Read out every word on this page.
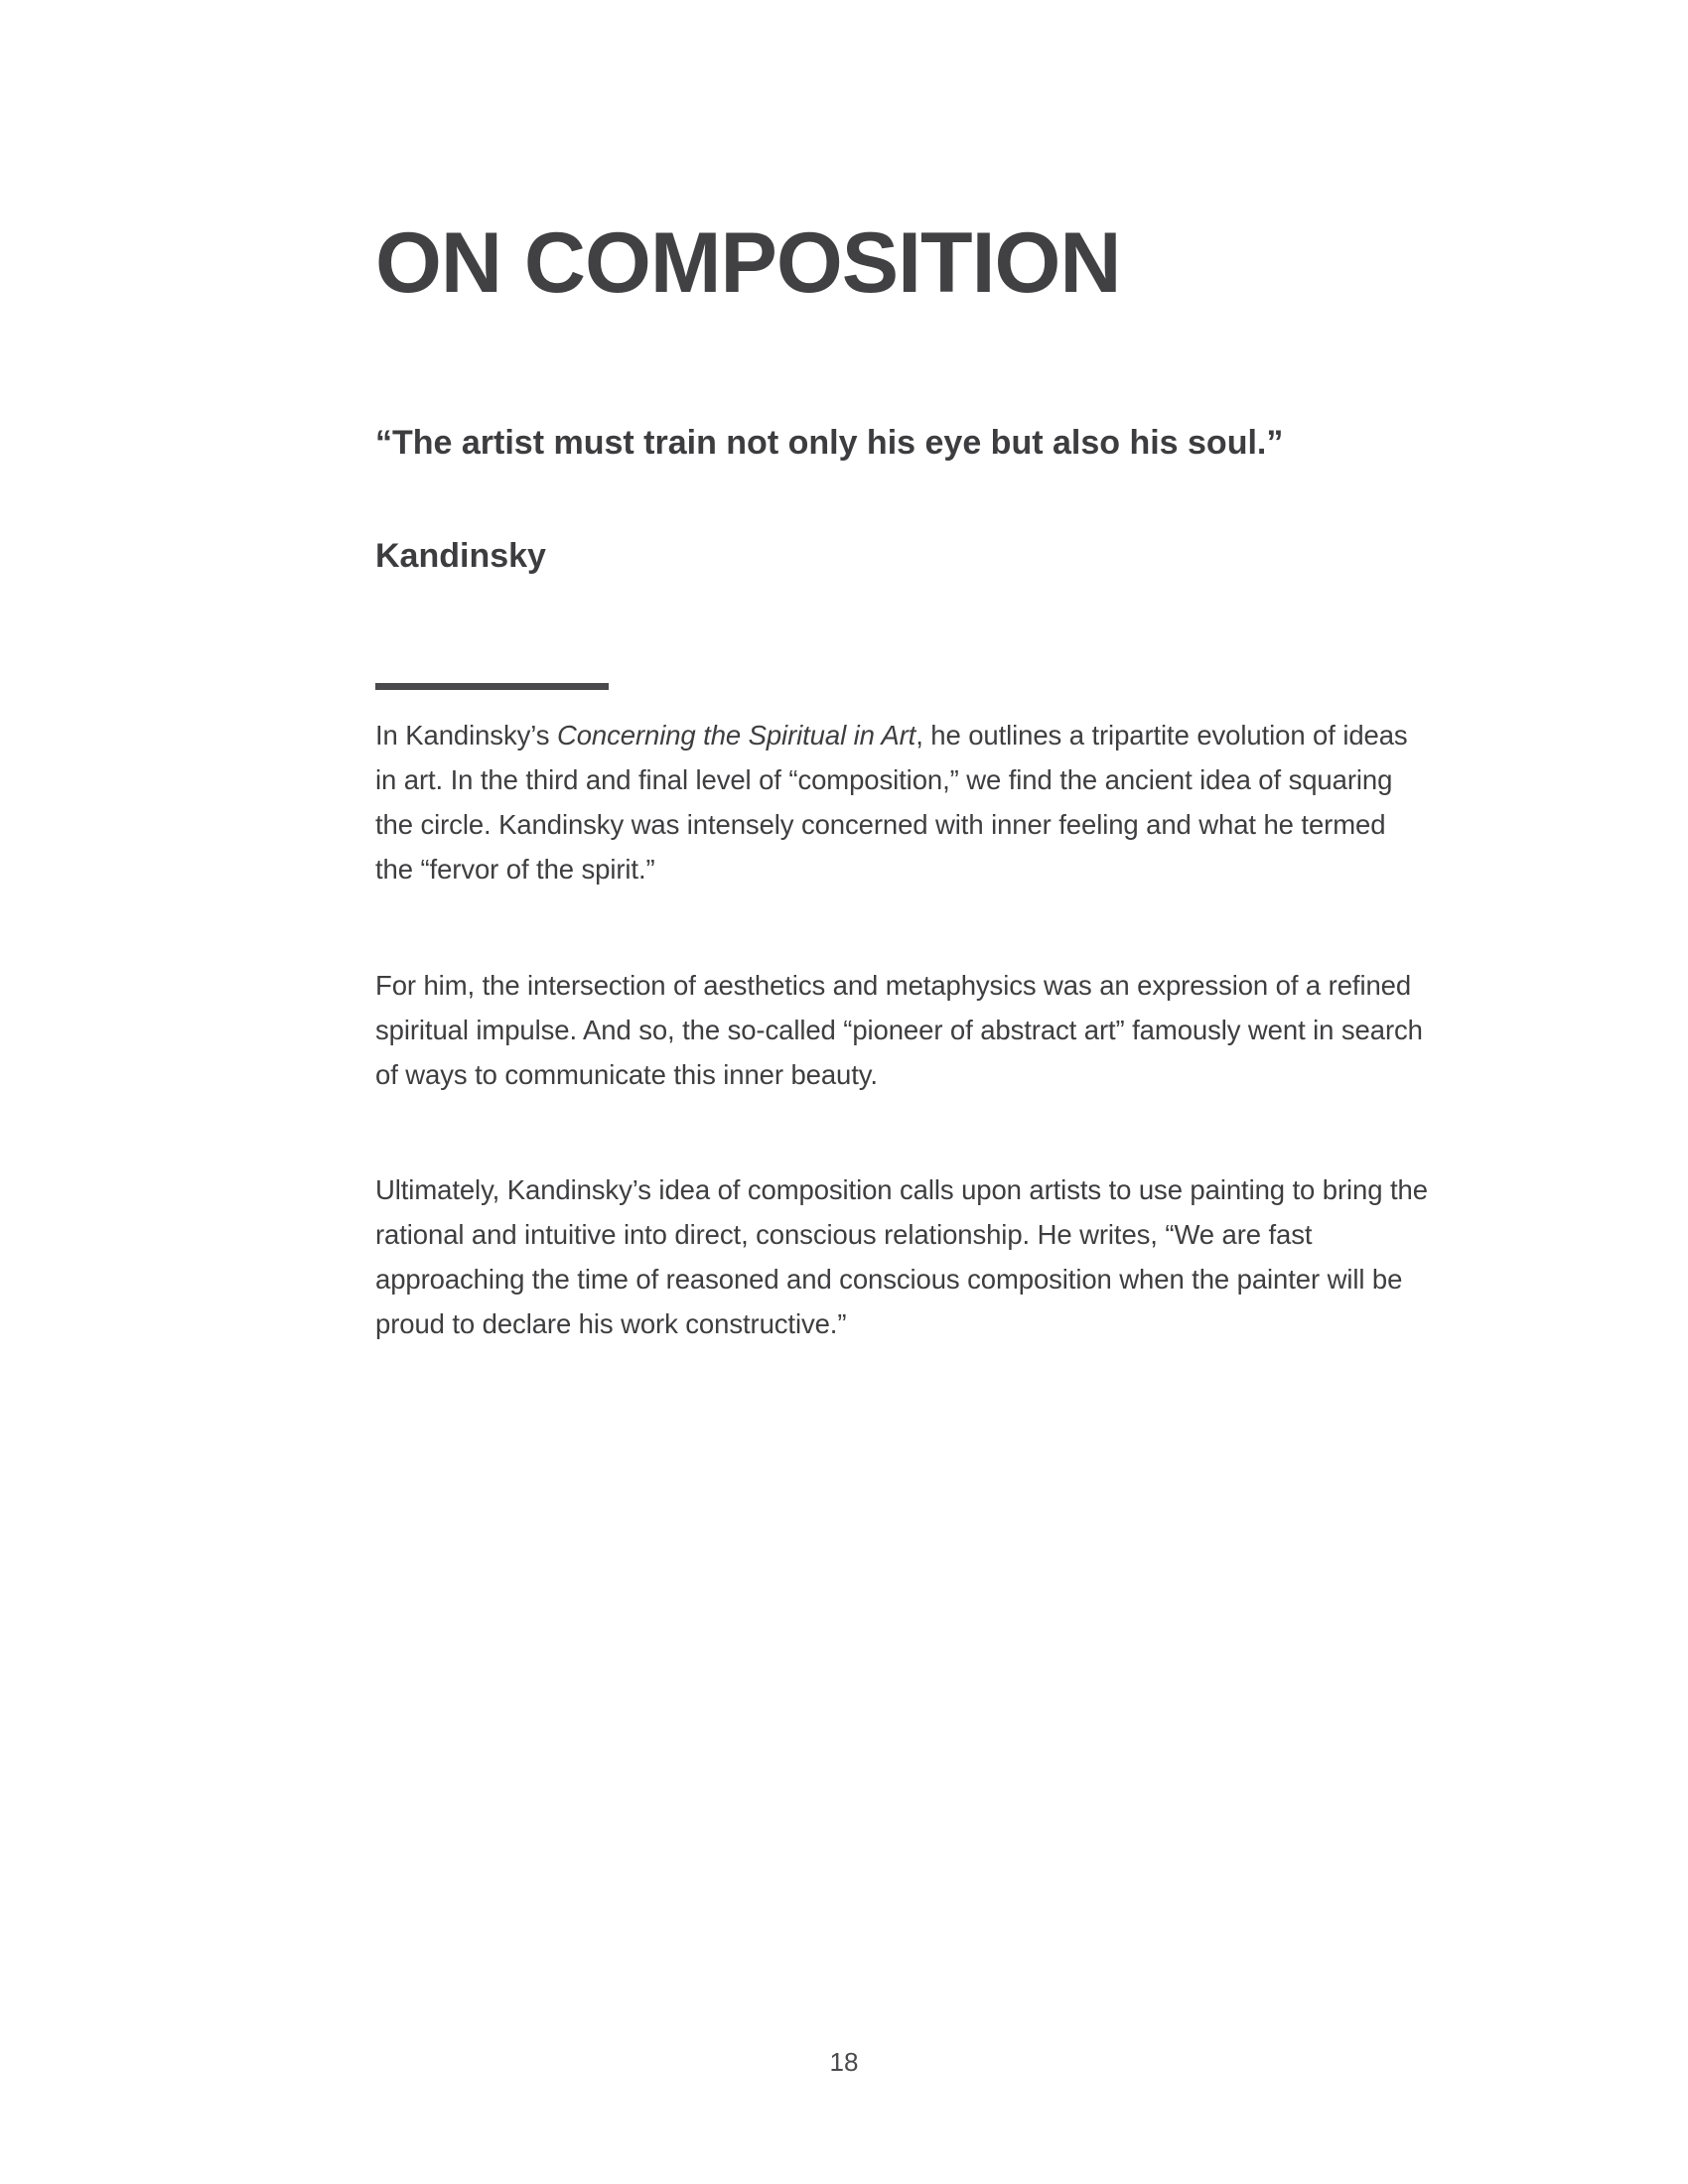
ON COMPOSITION

“The artist must train not only his eye but also his soul.”

Kandinsky

In Kandinsky’s Concerning the Spiritual in Art, he outlines a tripartite evolution of ideas in art. In the third and final level of “composition,” we find the ancient idea of squaring the circle. Kandinsky was intensely concerned with inner feeling and what he termed the “fervor of the spirit.”

For him, the intersection of aesthetics and metaphysics was an expression of a refined spiritual impulse. And so, the so-called “pioneer of abstract art” famously went in search of ways to communicate this inner beauty.

Ultimately, Kandinsky’s idea of composition calls upon artists to use painting to bring the rational and intuitive into direct, conscious relationship. He writes, “We are fast approaching the time of reasoned and conscious composition when the painter will be proud to declare his work constructive.”

18
